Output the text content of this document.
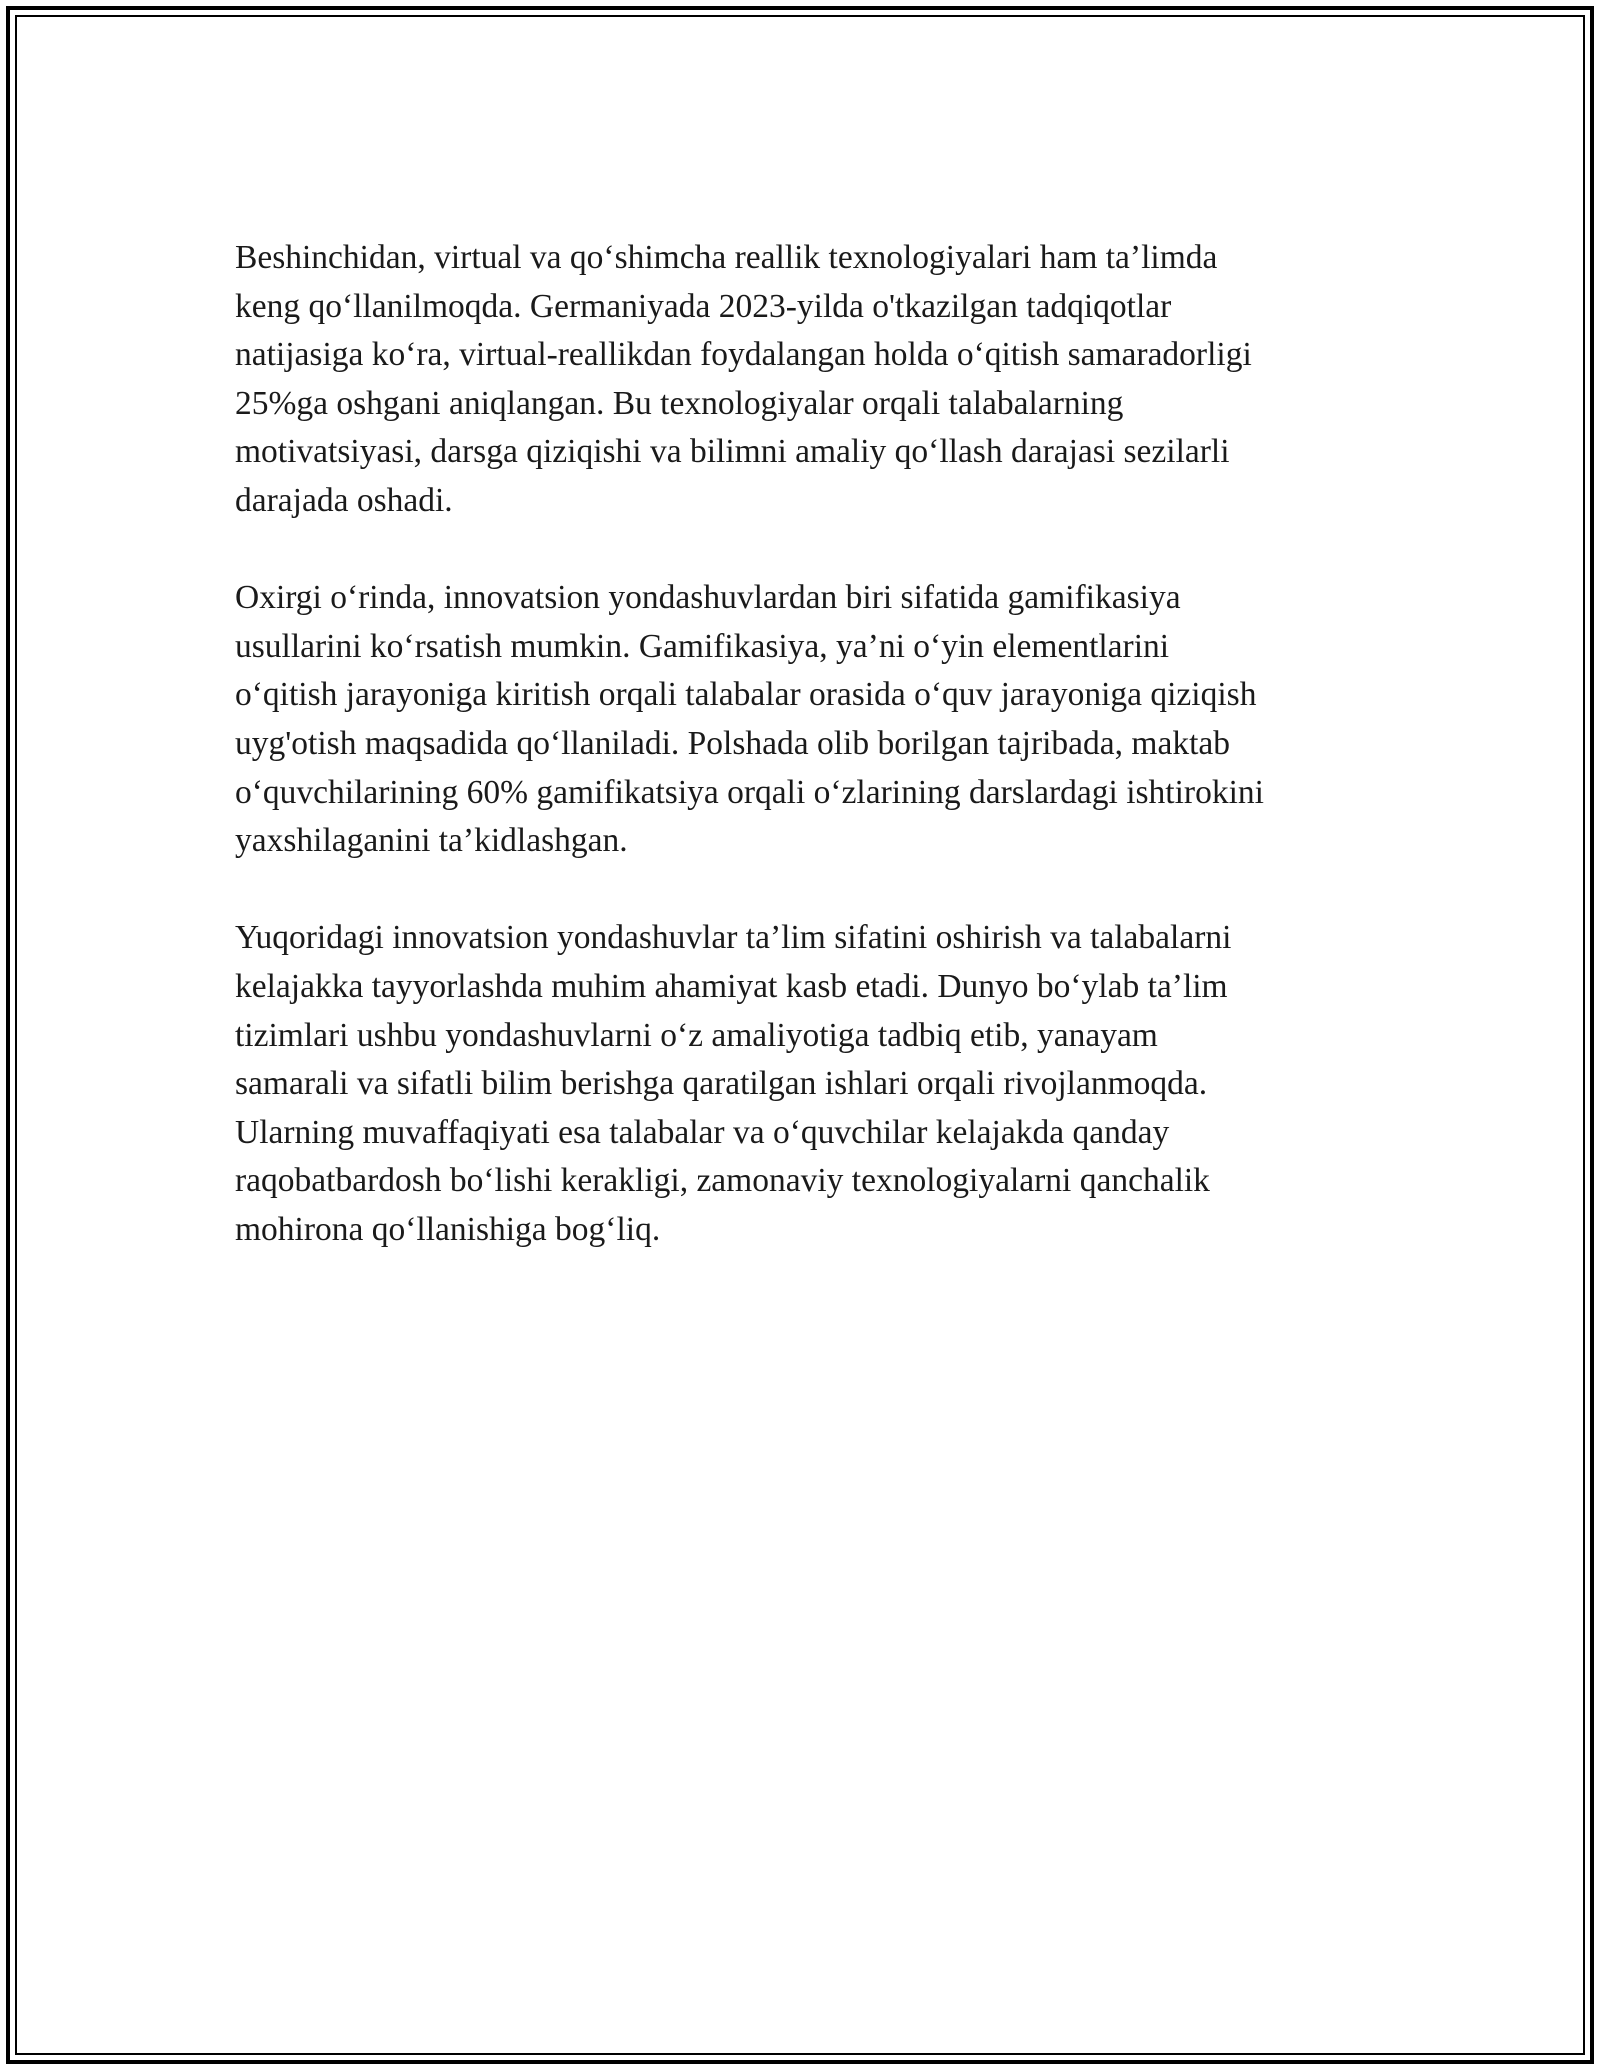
Beshinchidan, virtual va qo‘shimcha reallik texnologiyalari ham ta’limda
keng qo‘llanilmoqda. Germaniyada 2023-yilda o'tkazilgan tadqiqotlar
natijasiga ko‘ra, virtual-reallikdan foydalangan holda o‘qitish samaradorligi
25%ga oshgani aniqlangan. Bu texnologiyalar orqali talabalarning
motivatsiyasi, darsga qiziqishi va bilimni amaliy qo‘llash darajasi sezilarli
darajada oshadi.

Oxirgi o‘rinda, innovatsion yondashuvlardan biri sifatida gamifikasiya
usullarini ko‘rsatish mumkin. Gamifikasiya, ya’ni o‘yin elementlarini
o‘qitish jarayoniga kiritish orqali talabalar orasida o‘quv jarayoniga qiziqish
uyg'otish maqsadida qo‘llaniladi. Polshada olib borilgan tajribada, maktab
o‘quvchilarining 60% gamifikatsiya orqali o‘zlarining darslardagi ishtirokini
yaxshilaganini ta’kidlashgan.

Yuqoridagi innovatsion yondashuvlar ta’lim sifatini oshirish va talabalarni
kelajakka tayyorlashda muhim ahamiyat kasb etadi. Dunyo bo‘ylab ta’lim
tizimlari ushbu yondashuvlarni o‘z amaliyotiga tadbiq etib, yanayam
samarali va sifatli bilim berishga qaratilgan ishlari orqali rivojlanmoqda.
Ularning muvaffaqiyati esa talabalar va o‘quvchilar kelajakda qanday
raqobatbardosh bo‘lishi kerakligi, zamonaviy texnologiyalarni qanchalik
mohirona qo‘llanishiga bog‘liq.
